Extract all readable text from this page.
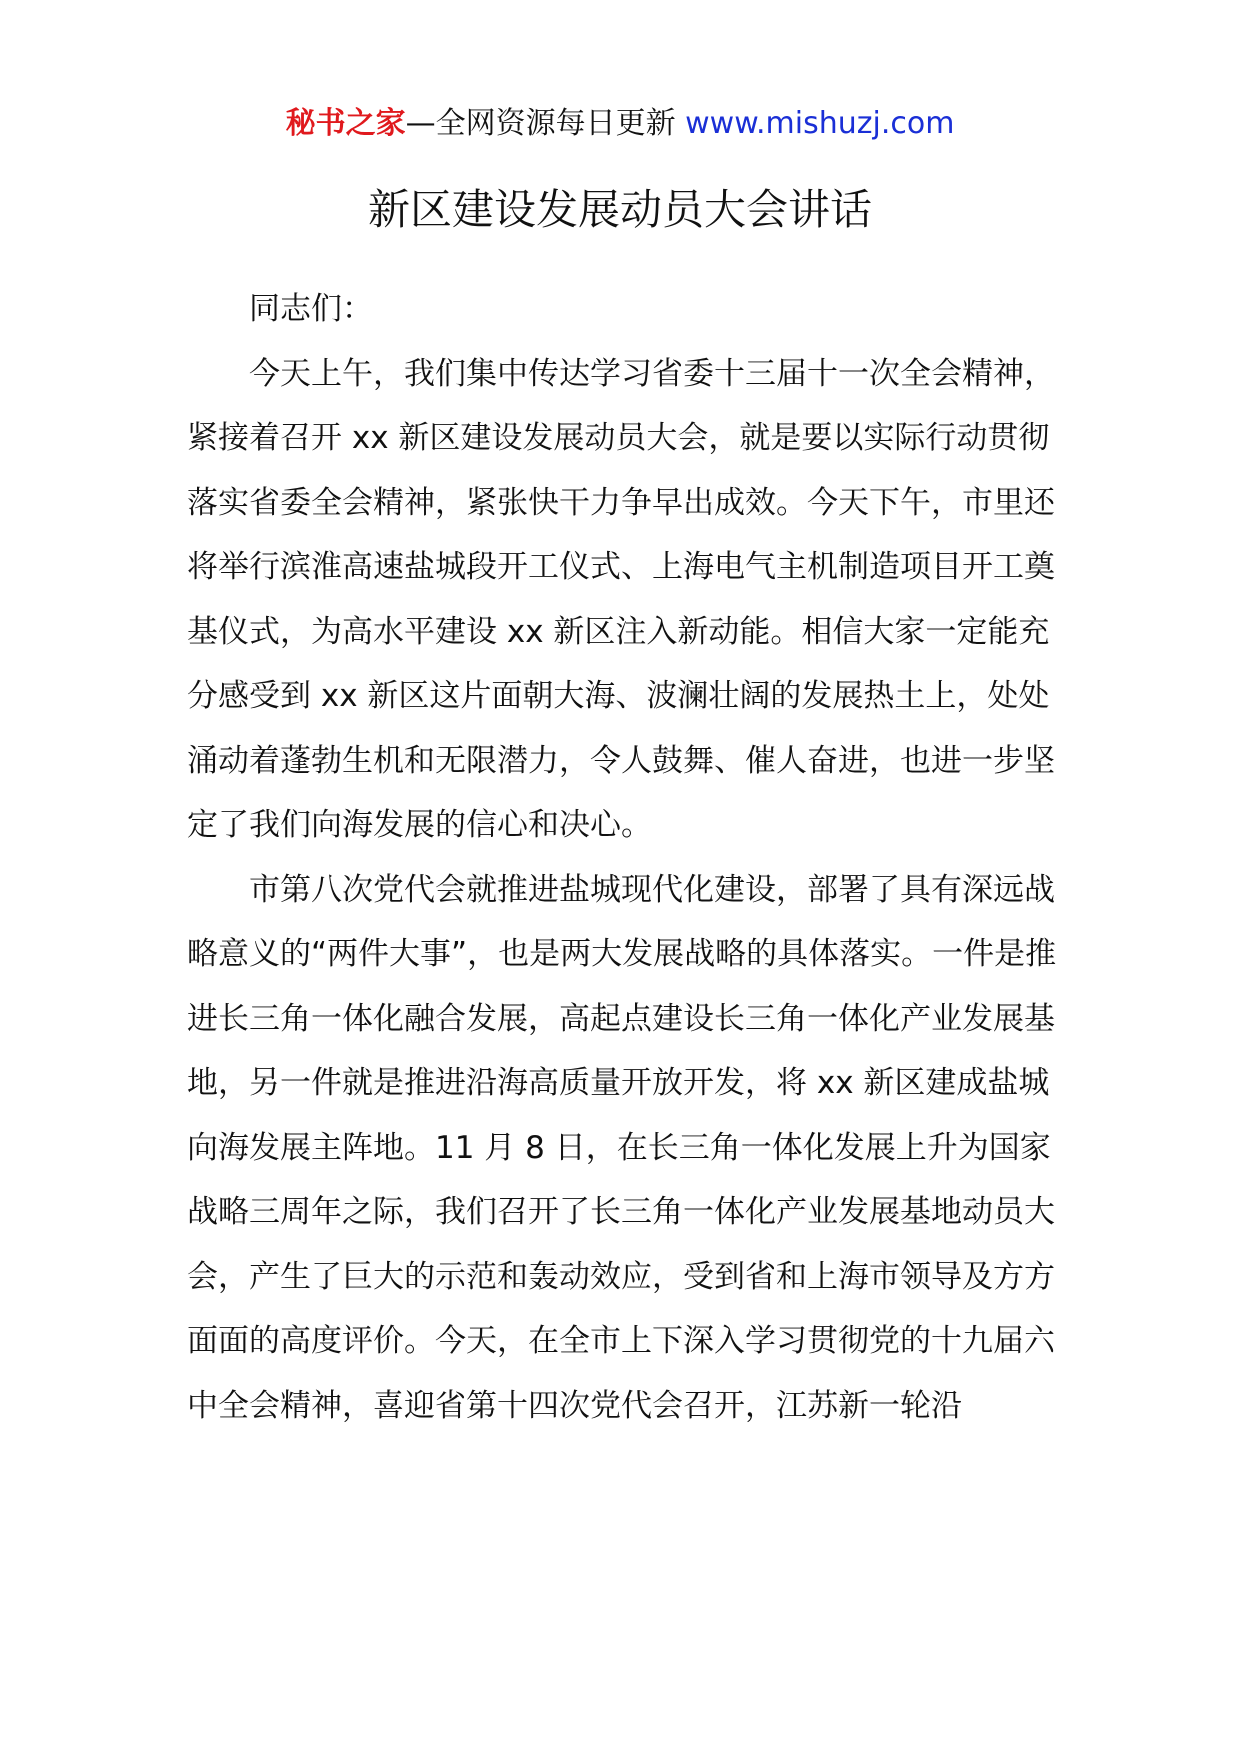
秘书之家—全网资源每日更新 www.mishuzj.com
新区建设发展动员大会讲话

同志们：

今天上午，我们集中传达学习省委十三届十一次全会精神，紧接着召开 xx 新区建设发展动员大会，就是要以实际行动贯彻落实省委全会精神，紧张快干力争早出成效。今天下午，市里还将举行滨淮高速盐城段开工仪式、上海电气主机制造项目开工奠基仪式，为高水平建设 xx 新区注入新动能。相信大家一定能充分感受到 xx 新区这片面朝大海、波澜壮阔的发展热土上，处处涌动着蓬勃生机和无限潜力，令人鼓舞、催人奋进，也进一步坚定了我们向海发展的信心和决心。

市第八次党代会就推进盐城现代化建设，部署了具有深远战略意义的“两件大事”，也是两大发展战略的具体落实。一件是推进长三角一体化融合发展，高起点建设长三角一体化产业发展基地，另一件就是推进沿海高质量开放开发，将 xx 新区建成盐城向海发展主阵地。11 月 8 日，在长三角一体化发展上升为国家战略三周年之际，我们召开了长三角一体化产业发展基地动员大会，产生了巨大的示范和轰动效应，受到省和上海市领导及方方面面的高度评价。今天，在全市上下深入学习贯彻党的十九届六中全会精神，喜迎省第十四次党代会召开，江苏新一轮沿
